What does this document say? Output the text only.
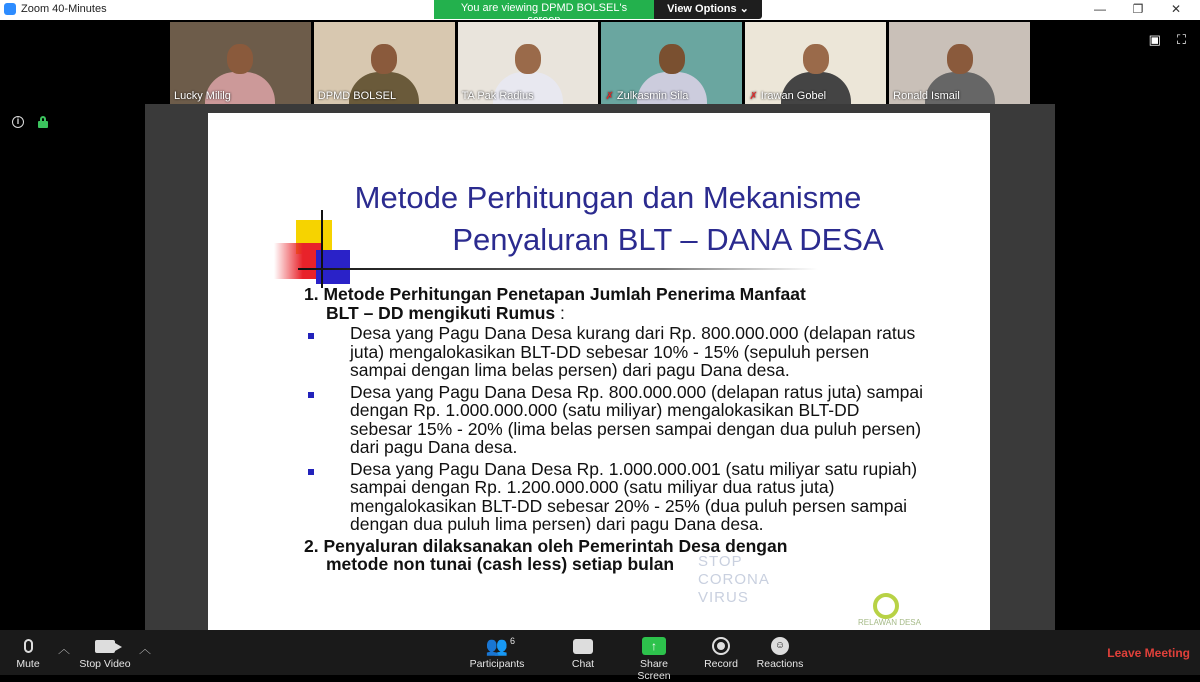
Zoom 40-Minutes	—	❐	✕
You are viewing DPMD BOLSEL's	View Options ⌄
Lucky Mililg	DPMD BOLSEL	TA Pak Radius	✗ Zulkasmin Sila	✗ Irawan Gobel	Ronald Ismail
i
▣ ⛶
STOP
CORONA
VIRUS
RELAWAN DESA
Metode Perhitungan dan Mekanisme
Penyaluran BLT – DANA DESA
1. Metode Perhitungan Penetapan Jumlah Penerima Manfaat
BLT – DD mengikuti Rumus :
Desa yang Pagu Dana Desa kurang dari Rp. 800.000.000 (delapan ratus juta) mengalokasikan BLT-DD sebesar 10% - 15% (sepuluh persen sampai dengan lima belas persen) dari pagu Dana desa.
Desa yang Pagu Dana Desa Rp. 800.000.000 (delapan ratus juta) sampai dengan Rp. 1.000.000.000 (satu miliyar) mengalokasikan BLT-DD sebesar 15% - 20% (lima belas persen sampai dengan dua puluh persen) dari pagu Dana desa.
Desa yang Pagu Dana Desa Rp. 1.000.000.001 (satu miliyar satu rupiah) sampai dengan Rp. 1.200.000.000 (satu miliyar dua ratus juta) mengalokasikan BLT-DD sebesar 20% - 25% (dua puluh persen sampai dengan dua puluh lima persen) dari pagu Dana desa.
2. Penyaluran dilaksanakan oleh Pemerintah Desa dengan
metode non tunai (cash less) setiap bulan
Mute
︿
Stop Video
︿	👥 6
Participants	Chat
↑
Share Screen
Record
☺
Reactions
Leave Meeting
